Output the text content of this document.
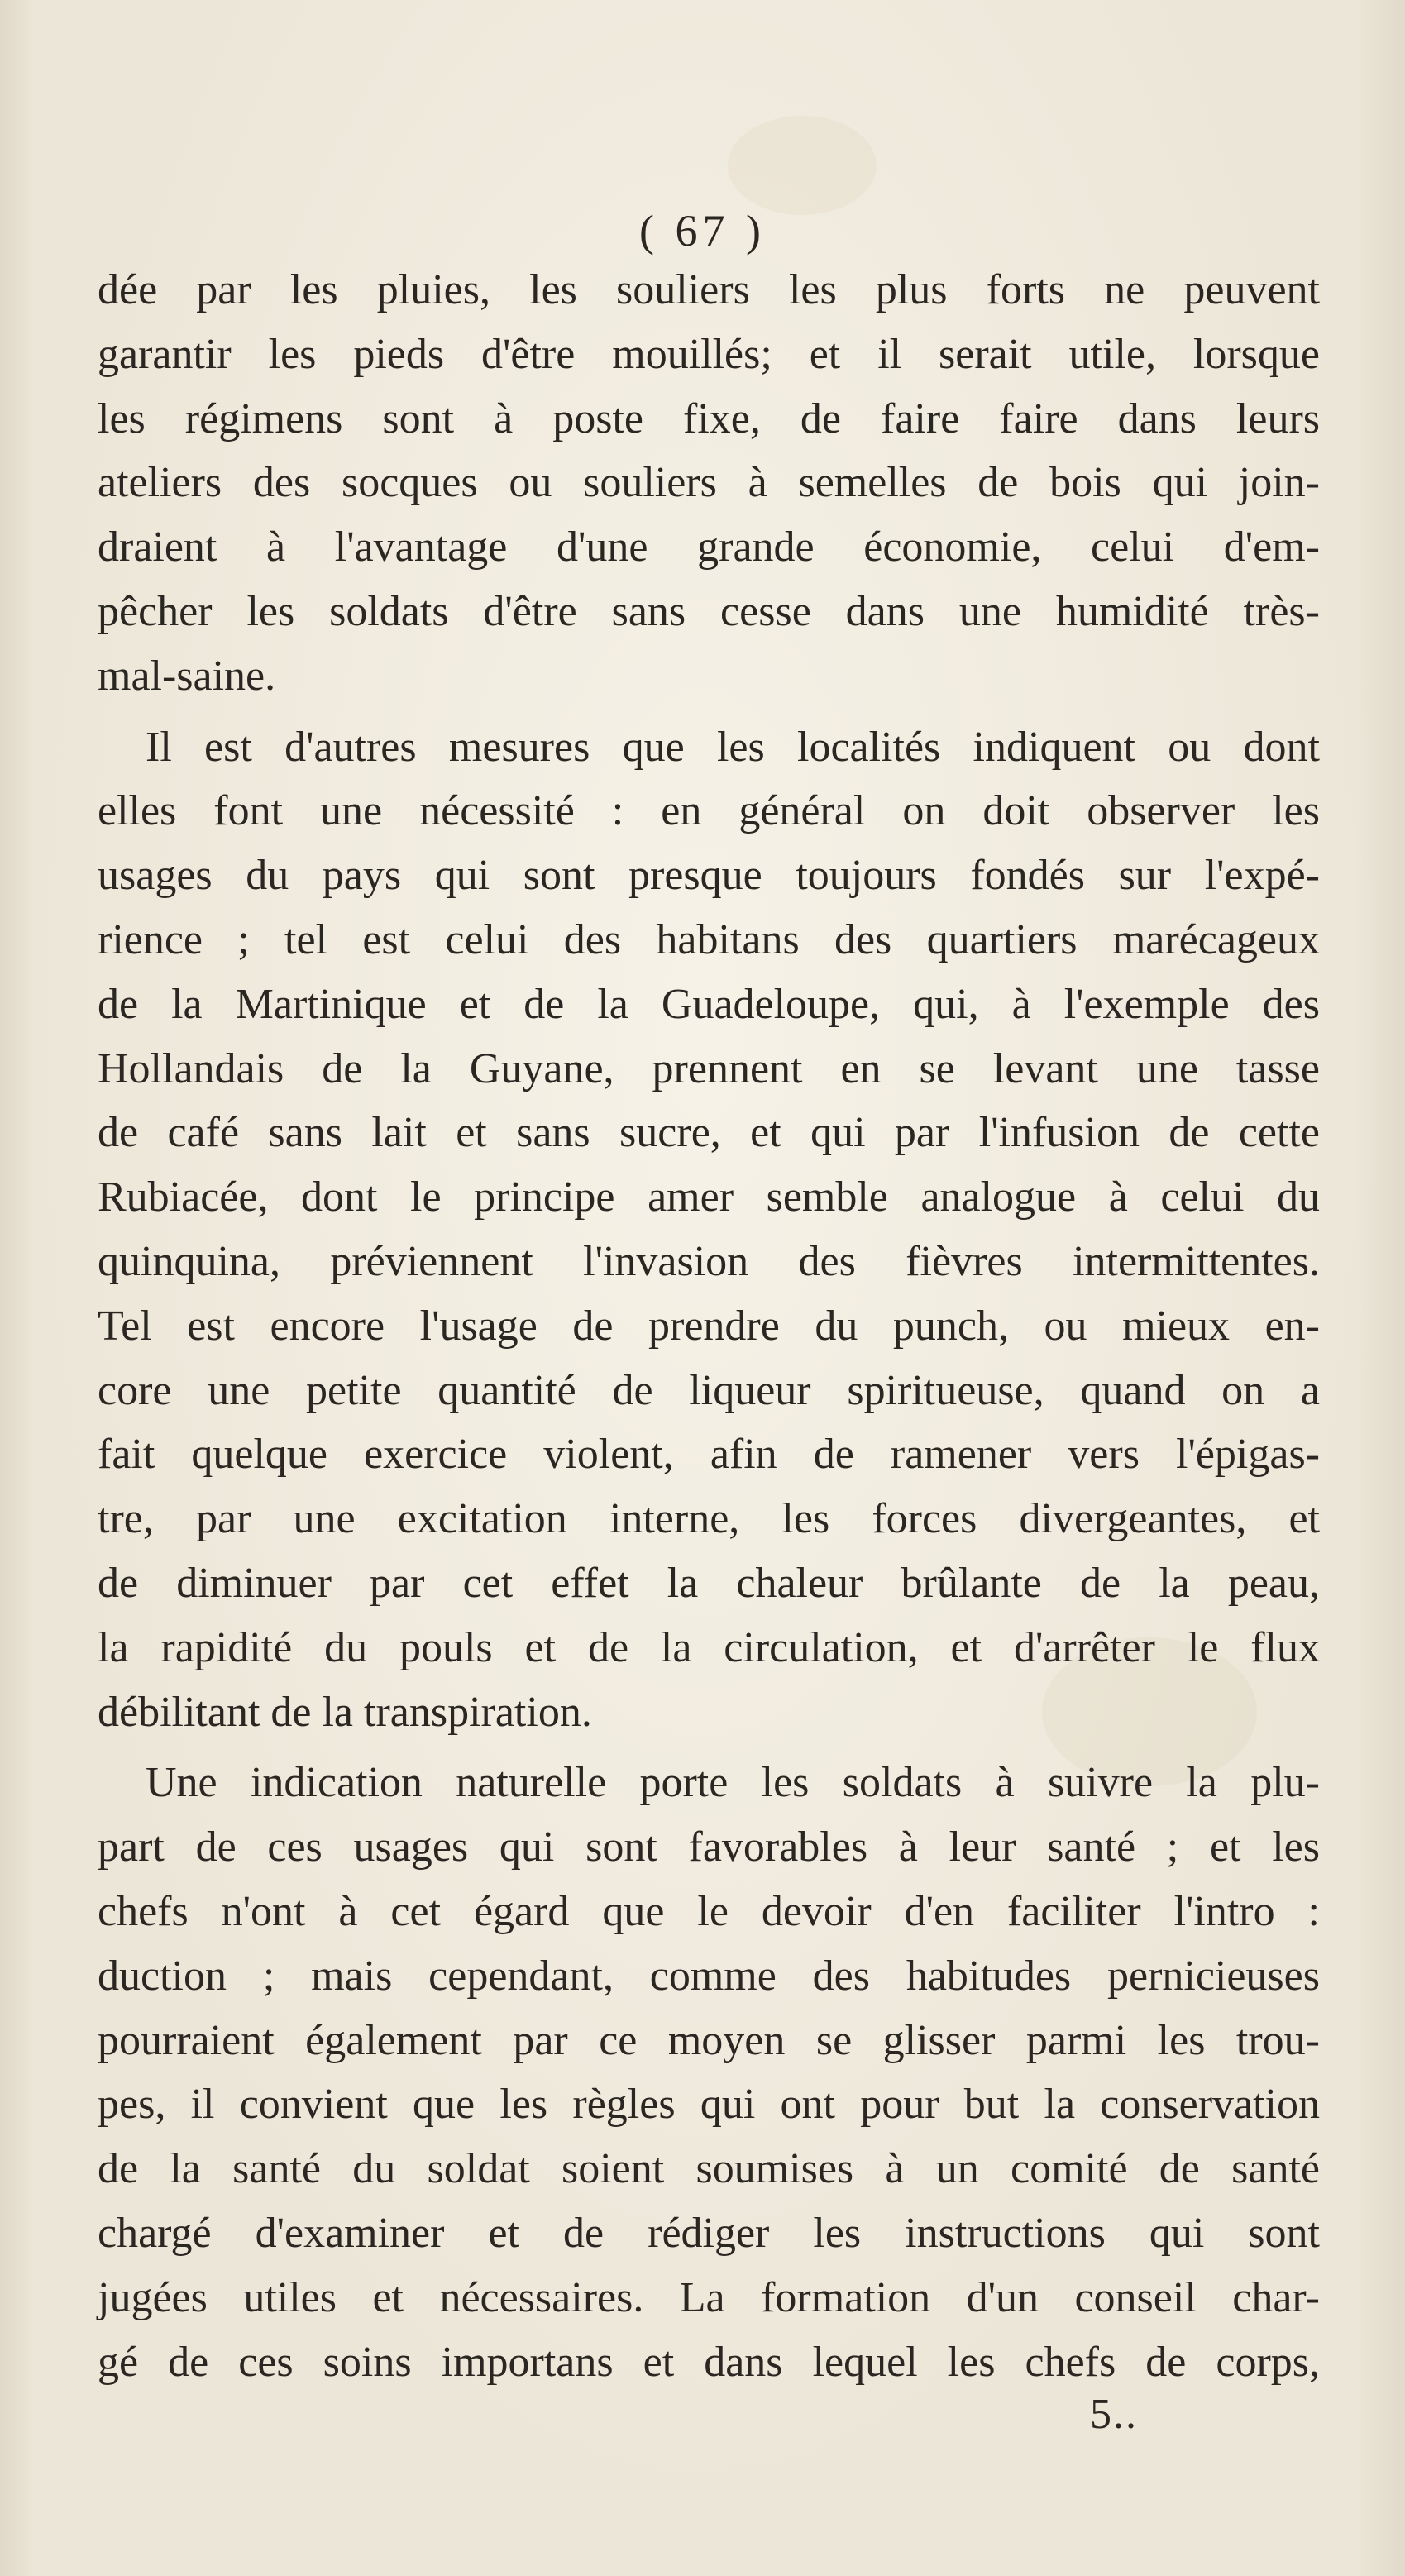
( 67 )
dée par les pluies, les souliers les plus forts ne peuvent
garantir les pieds d'être mouillés; et il serait utile, lorsque
les régimens sont à poste fixe, de faire faire dans leurs
ateliers des socques ou souliers à semelles de bois qui join-
draient à l'avantage d'une grande économie, celui d'em-
pêcher les soldats d'être sans cesse dans une humidité très-
mal-saine.
Il est d'autres mesures que les localités indiquent ou dont
elles font une nécessité : en général on doit observer les
usages du pays qui sont presque toujours fondés sur l'expé-
rience ; tel est celui des habitans des quartiers marécageux
de la Martinique et de la Guadeloupe, qui, à l'exemple des
Hollandais de la Guyane, prennent en se levant une tasse
de café sans lait et sans sucre, et qui par l'infusion de cette
Rubiacée, dont le principe amer semble analogue à celui du
quinquina, préviennent l'invasion des fièvres intermittentes.
Tel est encore l'usage de prendre du punch, ou mieux en-
core une petite quantité de liqueur spiritueuse, quand on a
fait quelque exercice violent, afin de ramener vers l'épigas-
tre, par une excitation interne, les forces divergeantes, et
de diminuer par cet effet la chaleur brûlante de la peau,
la rapidité du pouls et de la circulation, et d'arrêter le flux
débilitant de la transpiration.
Une indication naturelle porte les soldats à suivre la plu-
part de ces usages qui sont favorables à leur santé ; et les
chefs n'ont à cet égard que le devoir d'en faciliter l'intro :
duction ; mais cependant, comme des habitudes pernicieuses
pourraient également par ce moyen se glisser parmi les trou-
pes, il convient que les règles qui ont pour but la conservation
de la santé du soldat soient soumises à un comité de santé
chargé d'examiner et de rédiger les instructions qui sont
jugées utiles et nécessaires. La formation d'un conseil char-
gé de ces soins importans et dans lequel les chefs de corps,
5..
